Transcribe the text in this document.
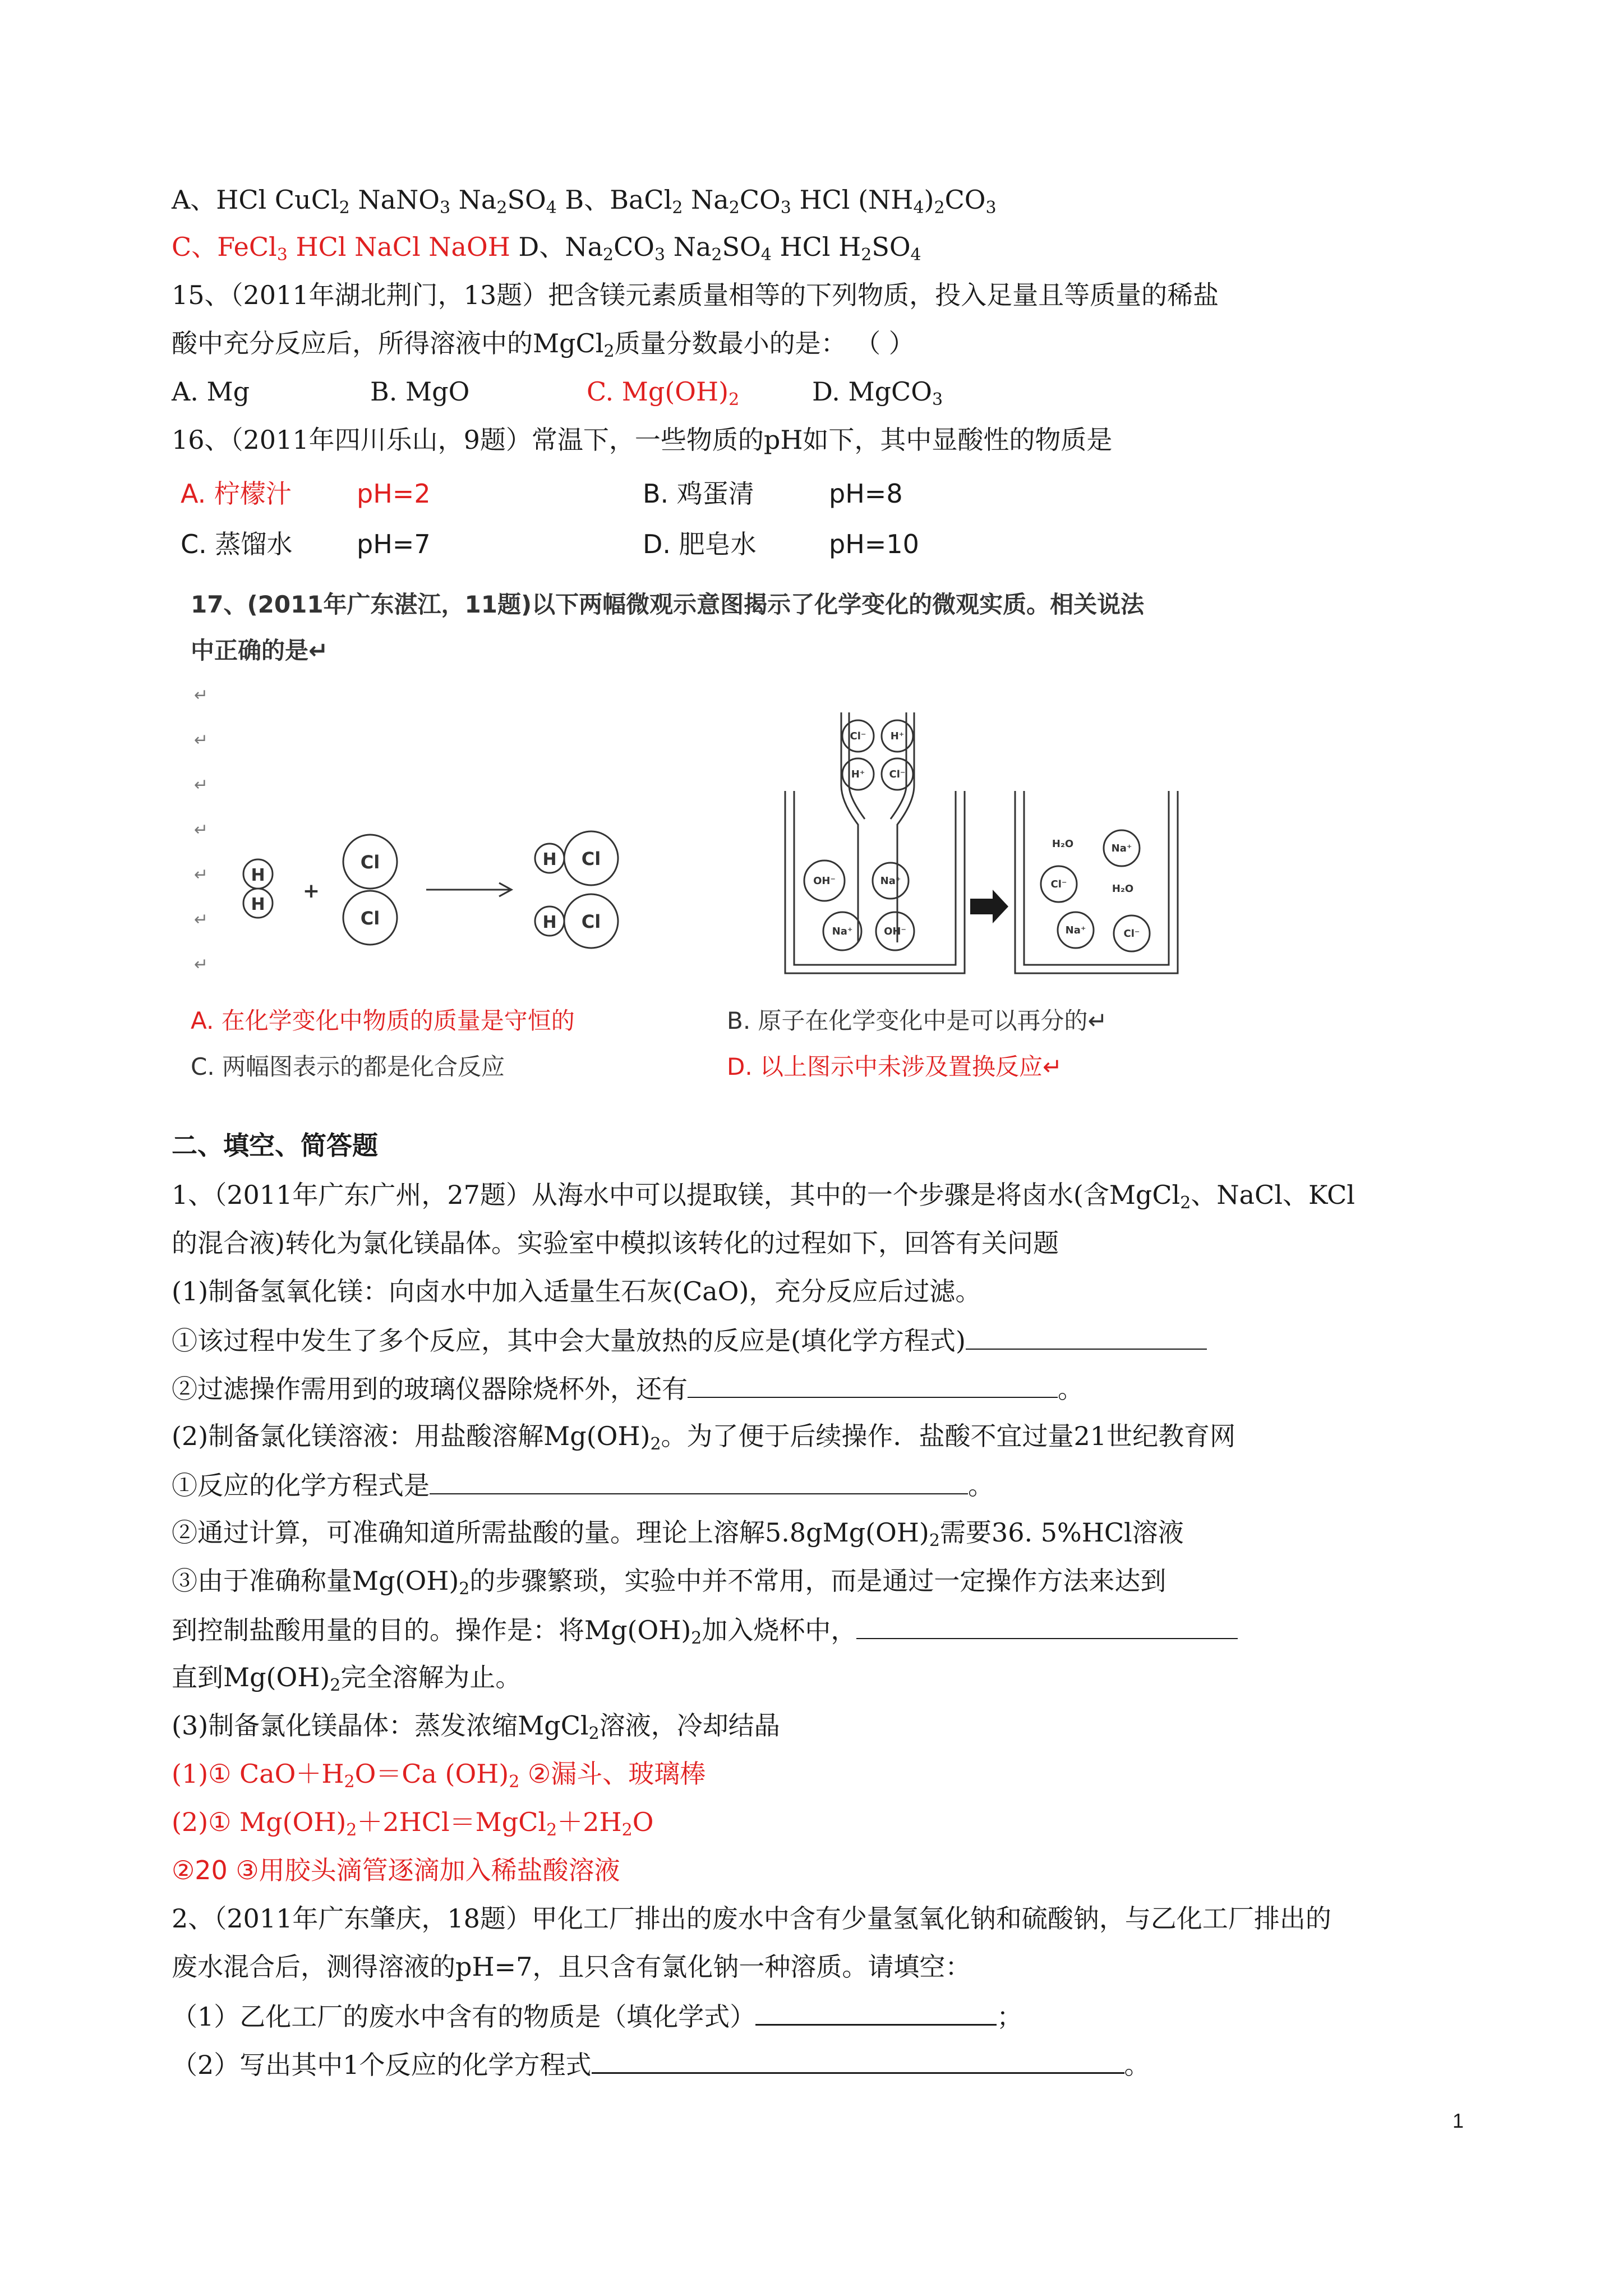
A、HCl CuCl$_2$ NaNO$_3$ $Na_2SO_4$ B、BaCl$_2$ $Na_2CO_3$ HCl $(NH_4)_2CO_3$
C、FeCl$_3$ HCl NaCl NaOH D、$Na_2CO_3$ $Na_2SO_4$ HCl $H_2SO_4$
15、（2011年湖北荆门，13题）把含镁元素质量相等的下列物质，投入足量且等质量的稀盐
酸中充分反应后，所得溶液中的MgCl$_2$质量分数最小的是： （ ）
A. Mg	B. MgO	C. $Mg(OH)_2$	D. MgCO$_3$
16、（2011年四川乐山，9题）常温下，一些物质的pH如下，其中显酸性的物质是
A. 柠檬汁	pH=2	B. 鸡蛋清	pH=8
C. 蒸馏水 pH=7	D. 肥皂水	pH=10
17、(2011年广东湛江，11题)以下两幅微观示意图揭示了化学变化的微观实质。相关说法
中正确的是↵
↵
↵
↵
↵
↵
↵
↵
H
H
+
Cl
Cl
H Cl
H Cl
Cl⁻ H⁺
H⁺ Cl⁻
OH⁻	Na⁺
Na⁺	OH⁻
H₂O	Na⁺
Cl⁻	H₂O
Na⁺	Cl⁻
A. 在化学变化中物质的质量是守恒的	B. 原子在化学变化中是可以再分的↵
C. 两幅图表示的都是化合反应	D. 以上图示中未涉及置换反应↵
二、填空、简答题
1、（2011年广东广州，27题）从海水中可以提取镁，其中的一个步骤是将卤水(含MgCl$_2$、NaCl、KCl
的混合液)转化为氯化镁晶体。实验室中模拟该转化的过程如下，回答有关问题
(1)制备氢氧化镁：向卤水中加入适量生石灰(CaO)，充分反应后过滤。
①该过程中发生了多个反应，其中会大量放热的反应是(填化学方程式)
②过滤操作需用到的玻璃仪器除烧杯外，还有	。
(2)制备氯化镁溶液：用盐酸溶解$Mg(OH)_2$。为了便于后续操作．盐酸不宜过量21世纪教育网
①反应的化学方程式是	。
②通过计算，可准确知道所需盐酸的量。理论上溶解$5.8gMg(OH)_2$需要36. 5%HCl溶液
③由于准确称量$Mg(OH)_2$的步骤繁琐，实验中并不常用，而是通过一定操作方法来达到
到控制盐酸用量的目的。操作是：将$Mg(OH)_2$加入烧杯中，
直到$Mg(OH)_2$完全溶解为止。
(3)制备氯化镁晶体：蒸发浓缩MgCl$_2$溶液，冷却结晶
(1)① $CaO+H_2O=Ca$ $(OH)_2$ ②漏斗、玻璃棒
(2)① $Mg(OH)_2+2HCl=MgCl_2+2H_2O$
②20 ③用胶头滴管逐滴加入稀盐酸溶液
2、（2011年广东肇庆，18题）甲化工厂排出的废水中含有少量氢氧化钠和硫酸钠，与乙化工厂排出的
废水混合后，测得溶液的pH=7，且只含有氯化钠一种溶质。请填空：
（1）乙化工厂的废水中含有的物质是（填化学式）	；
（2）写出其中1个反应的化学方程式	。
1
